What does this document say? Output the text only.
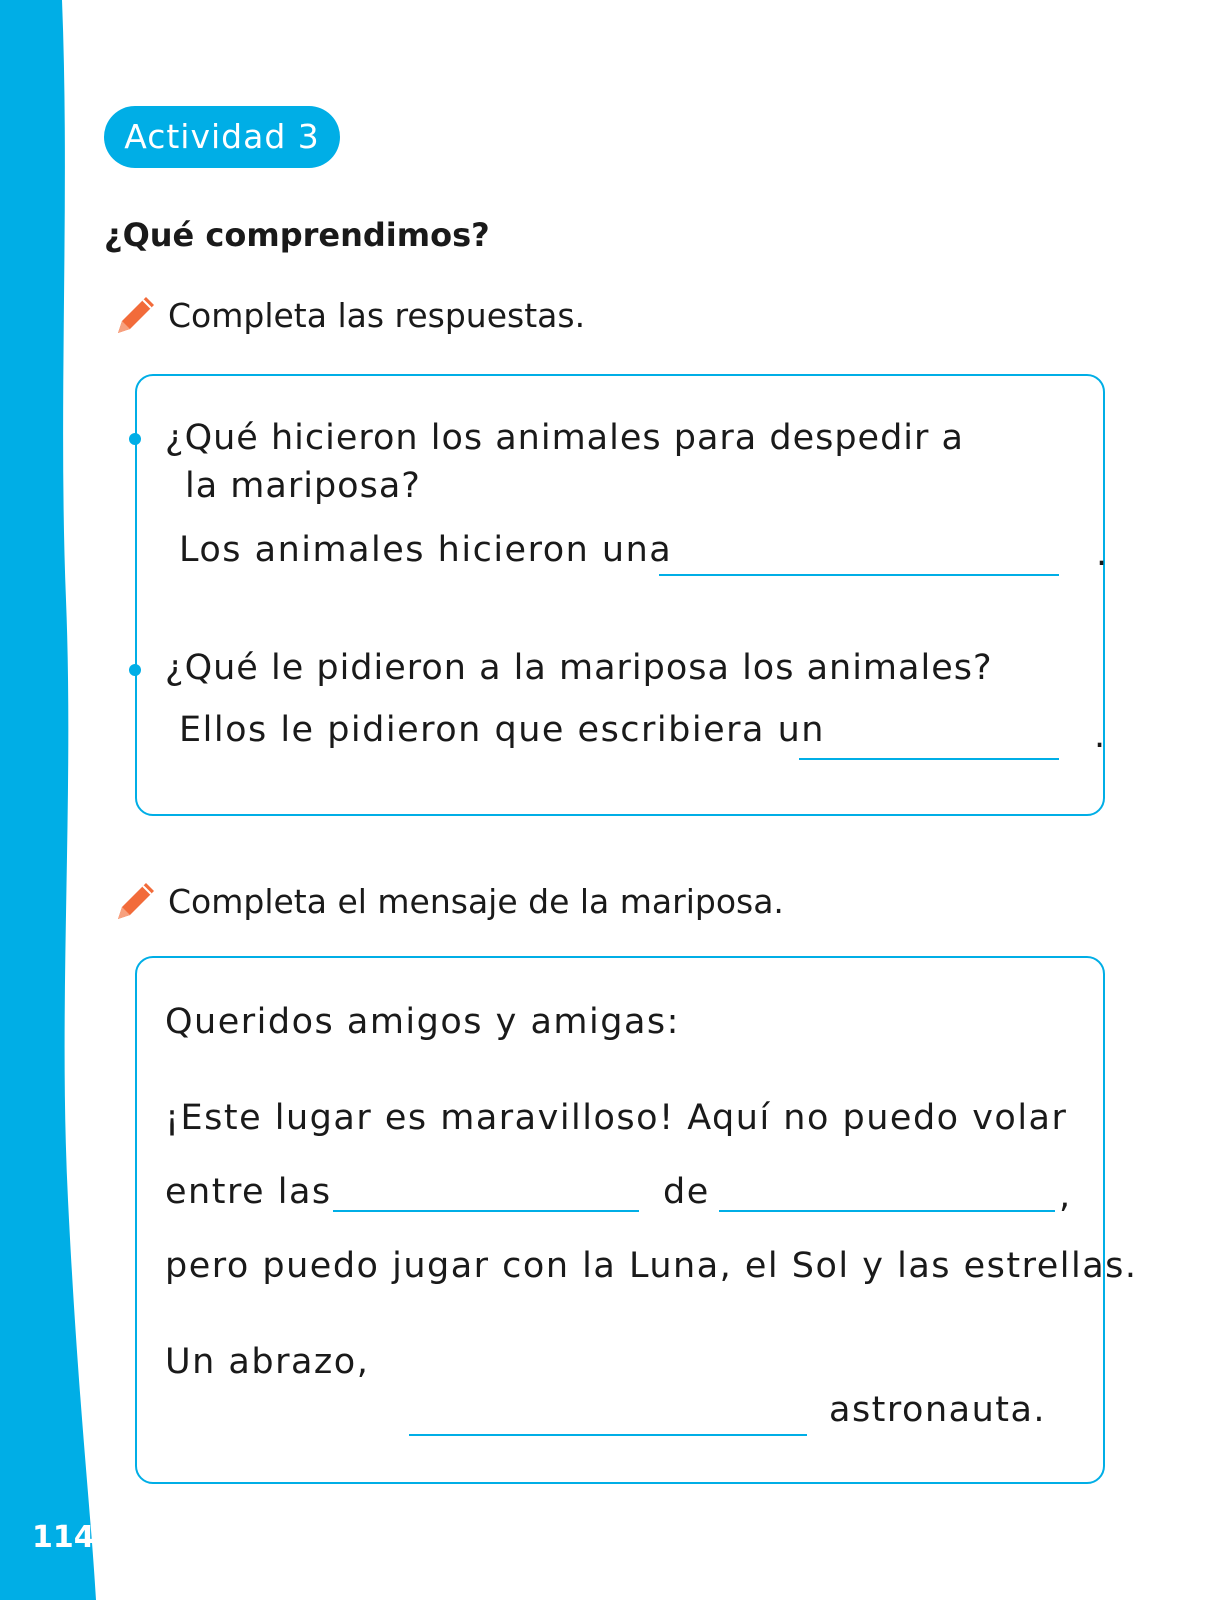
114
Actividad 3
¿Qué comprendimos?
Completa las respuestas.
¿Qué hicieron los animales para despedir a
la mariposa?
Los animales hicieron una	.
¿Qué le pidieron a la mariposa los animales?
Ellos le pidieron que escribiera un	.
Completa el mensaje de la mariposa.
Queridos amigos y amigas:
¡Este lugar es maravilloso! Aquí no puedo volar
entre las	de	,
pero puedo jugar con la Luna, el Sol y las estrellas.
Un abrazo,
astronauta.
